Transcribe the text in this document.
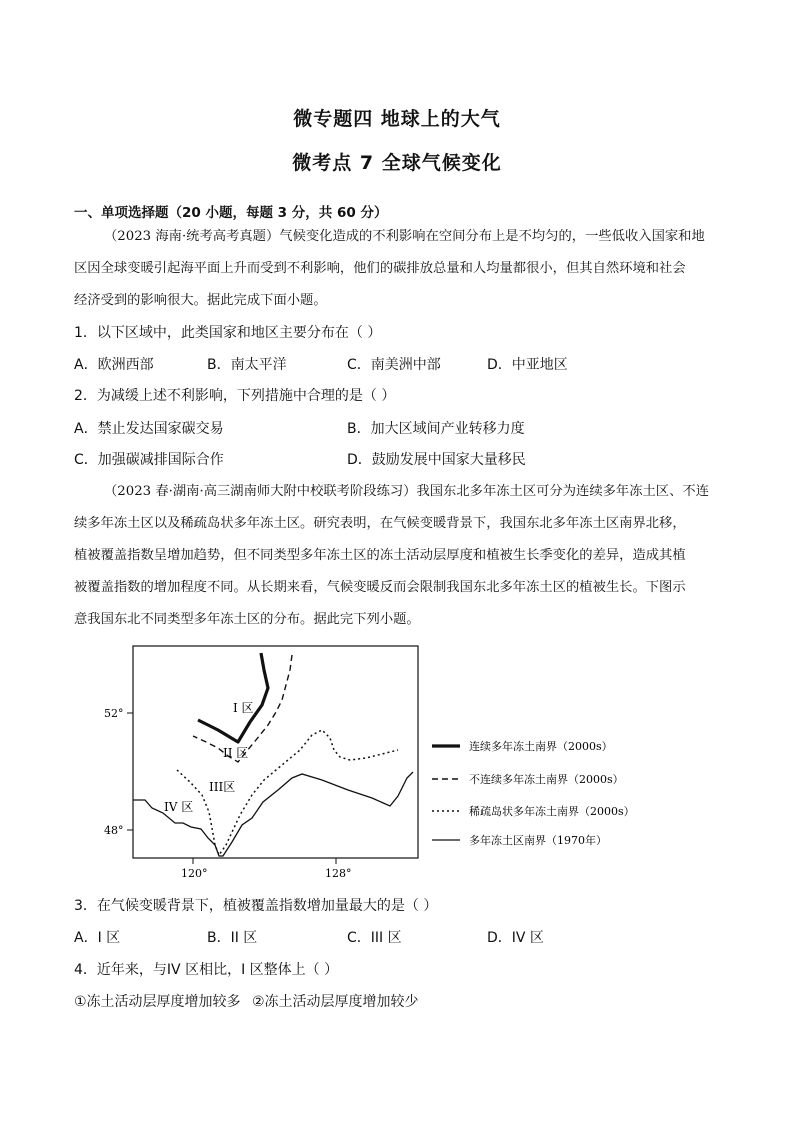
微专题四 地球上的大气
微考点 7 全球气候变化
一、单项选择题（20 小题，每题 3 分，共 60 分）
（2023 海南·统考高考真题）气候变化造成的不利影响在空间分布上是不均匀的，一些低收入国家和地
区因全球变暖引起海平面上升而受到不利影响，他们的碳排放总量和人均量都很小，但其自然环境和社会
经济受到的影响很大。据此完成下面小题。
1．以下区域中，此类国家和地区主要分布在（ ）
A．欧洲西部	B．南太平洋	C．南美洲中部	D．中亚地区
2．为减缓上述不利影响，下列措施中合理的是（ ）
A．禁止发达国家碳交易	B．加大区域间产业转移力度
C．加强碳减排国际合作	D．鼓励发展中国家大量移民
（2023 春·湖南·高三湖南师大附中校联考阶段练习）我国东北多年冻土区可分为连续多年冻土区、不连
续多年冻土区以及稀疏岛状多年冻土区。研究表明，在气候变暖背景下，我国东北多年冻土区南界北移，
植被覆盖指数呈增加趋势，但不同类型多年冻土区的冻土活动层厚度和植被生长季变化的差异，造成其植
被覆盖指数的增加程度不同。从长期来看，气候变暖反而会限制我国东北多年冻土区的植被生长。下图示
意我国东北不同类型多年冻土区的分布。据此完下列小题。
52°
48°
120°	128°
I 区
II 区
III区
IV 区
连续多年冻土南界（2000s）
不连续多年冻土南界（2000s）
稀疏岛状多年冻土南界（2000s）
多年冻土区南界（1970年）
3．在气候变暖背景下，植被覆盖指数增加量最大的是（ ）
A．I 区	B．II 区	C．III 区	D．IV 区
4．近年来，与IV 区相比，I 区整体上（ ）
①冻土活动层厚度增加较多 ②冻土活动层厚度增加较少
